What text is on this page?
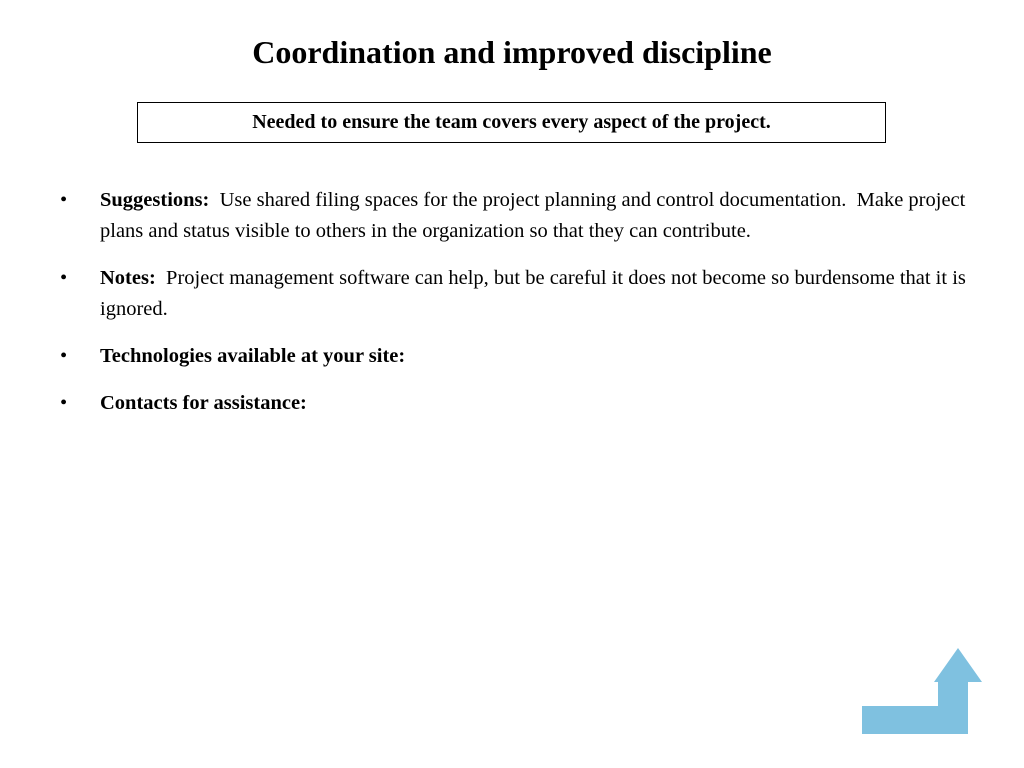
Coordination and improved discipline
Needed to ensure the team covers every aspect of the project.
• Suggestions:  Use shared filing spaces for the project planning and control documentation.  Make project plans and status visible to others in the organization so that they can contribute.
• Notes:  Project management software can help, but be careful it does not become so burdensome that it is ignored.
• Technologies available at your site:
• Contacts for assistance:
